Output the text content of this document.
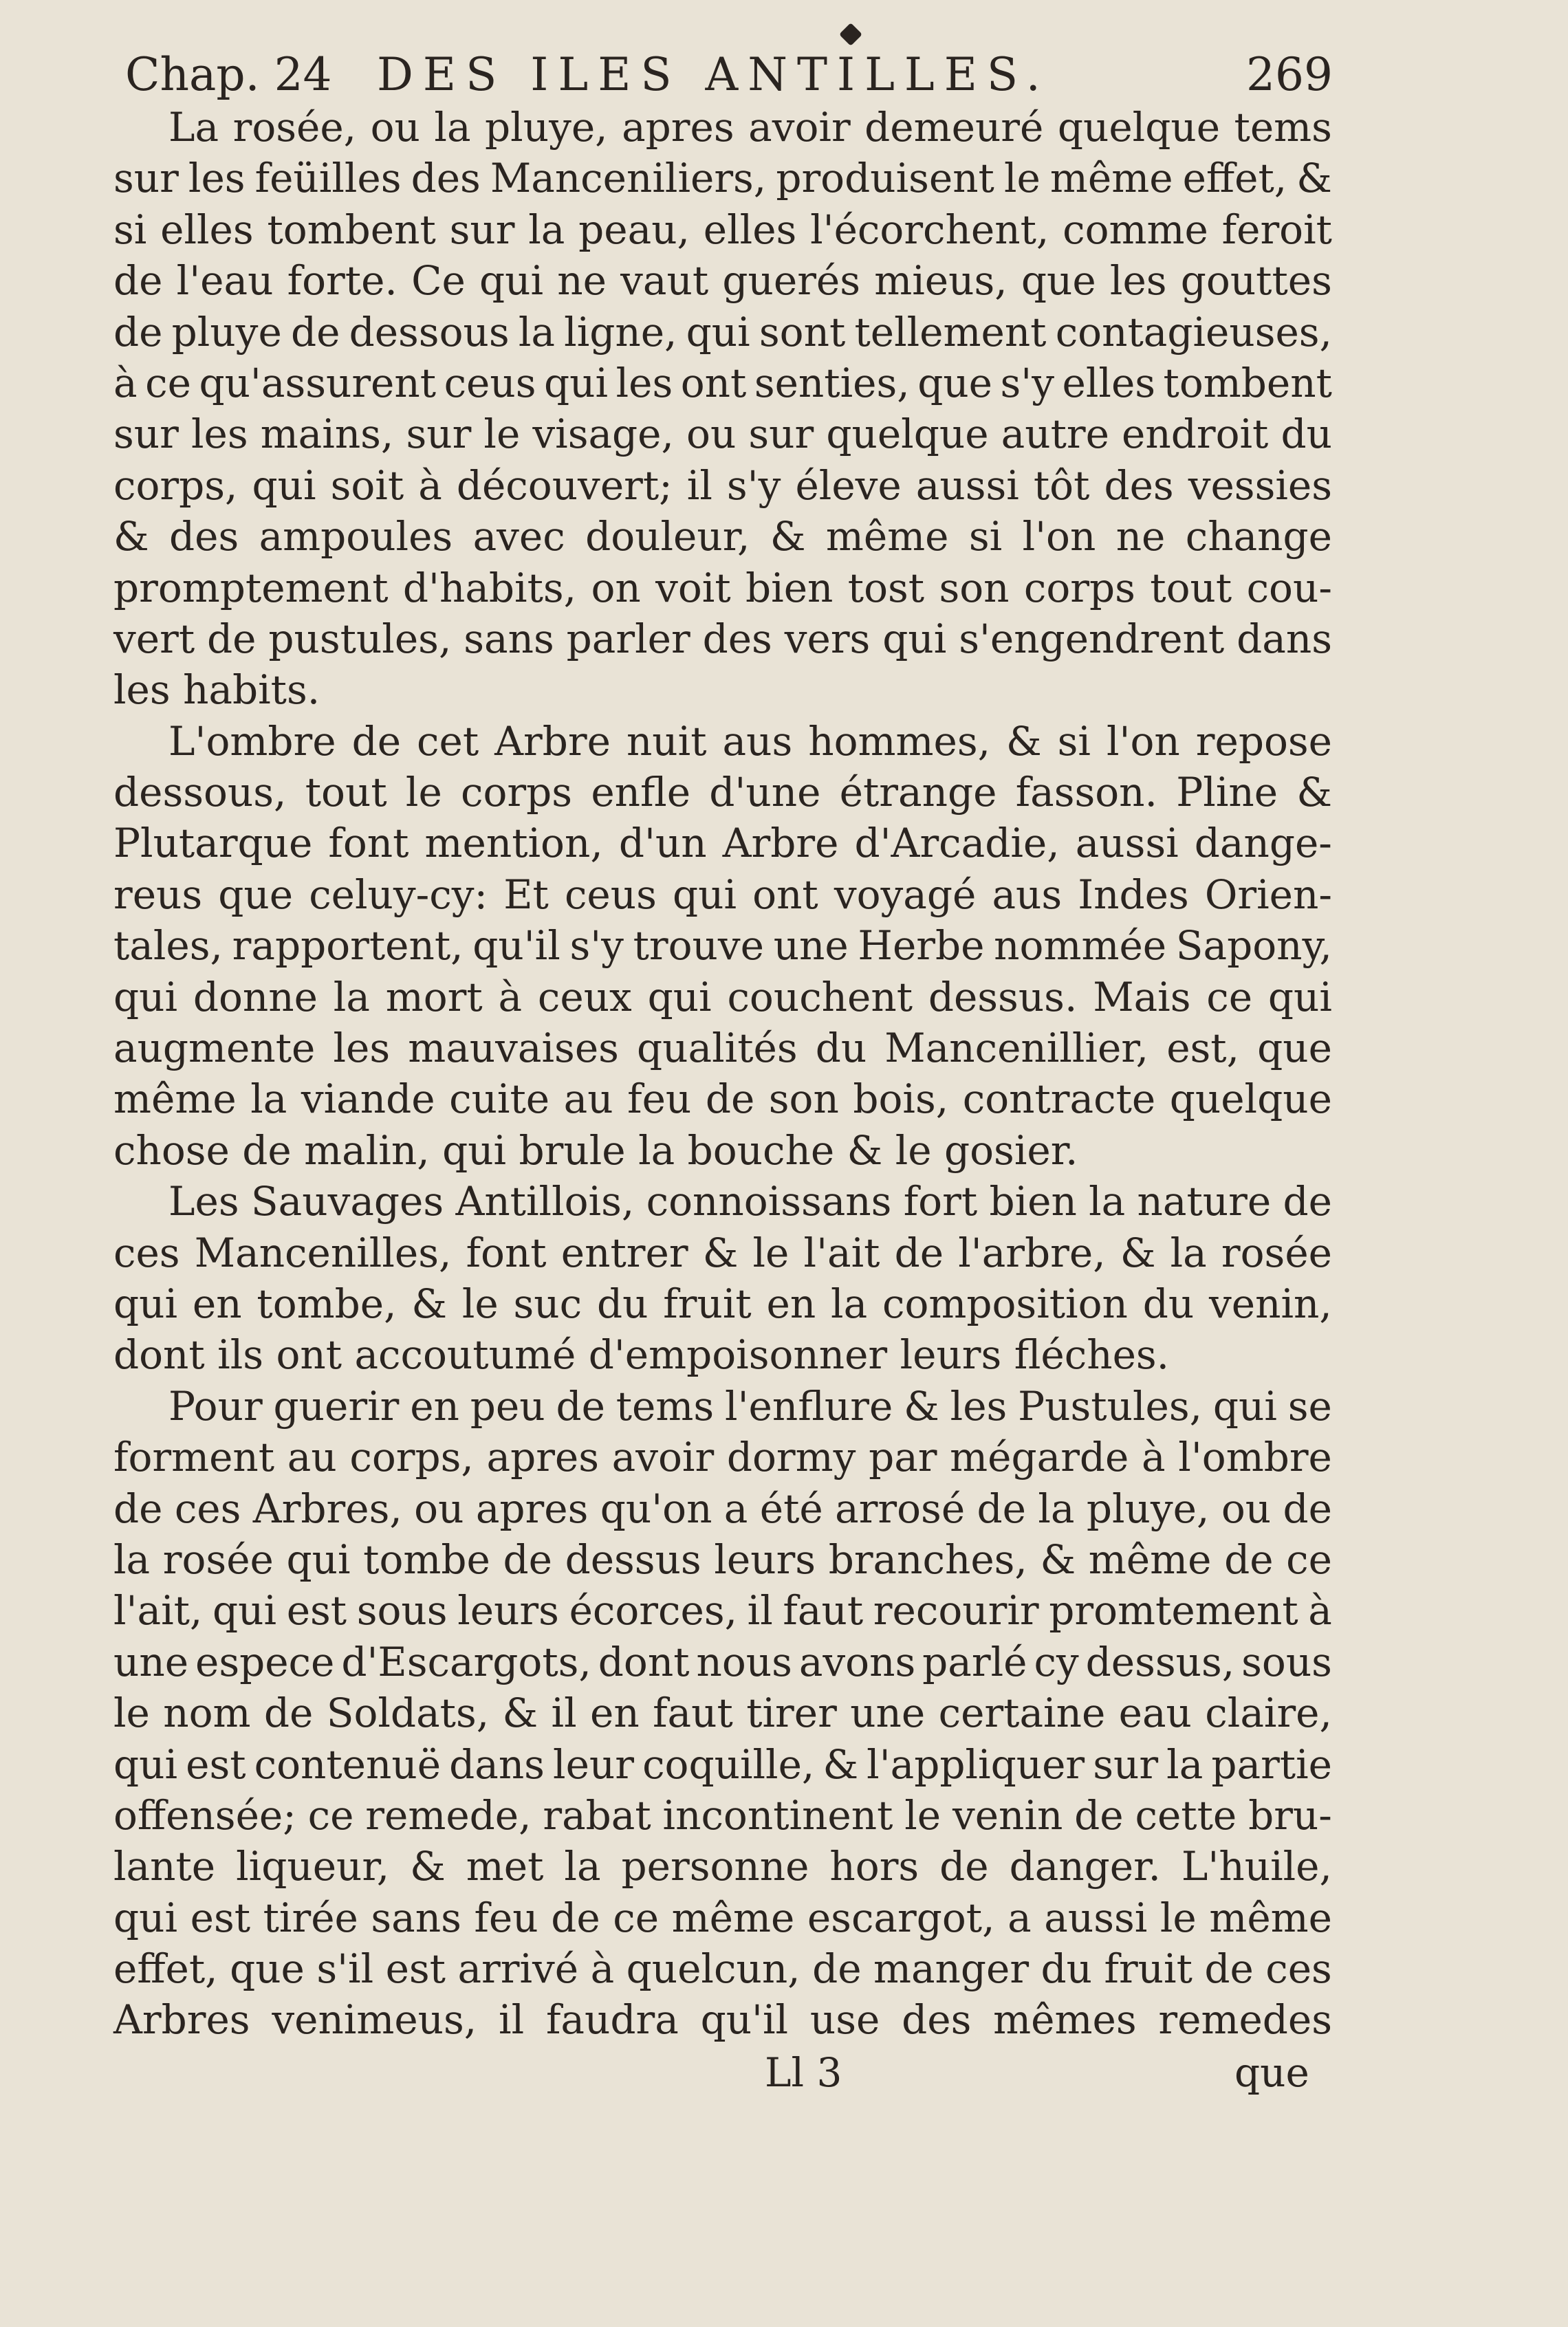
Chap. 24 DES ILES ANTILLES.	269
La rosée, ou la pluye, apres avoir demeuré quelque tems
sur les feüilles des Manceniliers, produisent le même effet, &
si elles tombent sur la peau, elles l'écorchent, comme feroit
de l'eau forte. Ce qui ne vaut guerés mieus, que les gouttes
de pluye de dessous la ligne, qui sont tellement contagieuses,
à ce qu'assurent ceus qui les ont senties, que s'y elles tombent
sur les mains, sur le visage, ou sur quelque autre endroit du
corps, qui soit à découvert; il s'y éleve aussi tôt des vessies
& des ampoules avec douleur, & même si l'on ne change
promptement d'habits, on voit bien tost son corps tout cou-
vert de pustules, sans parler des vers qui s'engendrent dans
les habits.
L'ombre de cet Arbre nuit aus hommes, & si l'on repose
dessous, tout le corps enfle d'une étrange fasson. Pline &
Plutarque font mention, d'un Arbre d'Arcadie, aussi dange-
reus que celuy-cy: Et ceus qui ont voyagé aus Indes Orien-
tales, rapportent, qu'il s'y trouve une Herbe nommée Sapony,
qui donne la mort à ceux qui couchent dessus. Mais ce qui
augmente les mauvaises qualités du Mancenillier, est, que
même la viande cuite au feu de son bois, contracte quelque
chose de malin, qui brule la bouche & le gosier.
Les Sauvages Antillois, connoissans fort bien la nature de
ces Mancenilles, font entrer & le l'ait de l'arbre, & la rosée
qui en tombe, & le suc du fruit en la composition du venin,
dont ils ont accoutumé d'empoisonner leurs fléches.
Pour guerir en peu de tems l'enflure & les Pustules, qui se
forment au corps, apres avoir dormy par mégarde à l'ombre
de ces Arbres, ou apres qu'on a été arrosé de la pluye, ou de
la rosée qui tombe de dessus leurs branches, & même de ce
l'ait, qui est sous leurs écorces, il faut recourir promtement à
une espece d'Escargots, dont nous avons parlé cy dessus, sous
le nom de Soldats, & il en faut tirer une certaine eau claire,
qui est contenuë dans leur coquille, & l'appliquer sur la partie
offensée; ce remede, rabat incontinent le venin de cette bru-
lante liqueur, & met la personne hors de danger. L'huile,
qui est tirée sans feu de ce même escargot, a aussi le même
effet, que s'il est arrivé à quelcun, de manger du fruit de ces
Arbres venimeus, il faudra qu'il use des mêmes remedes
Ll 3	que
